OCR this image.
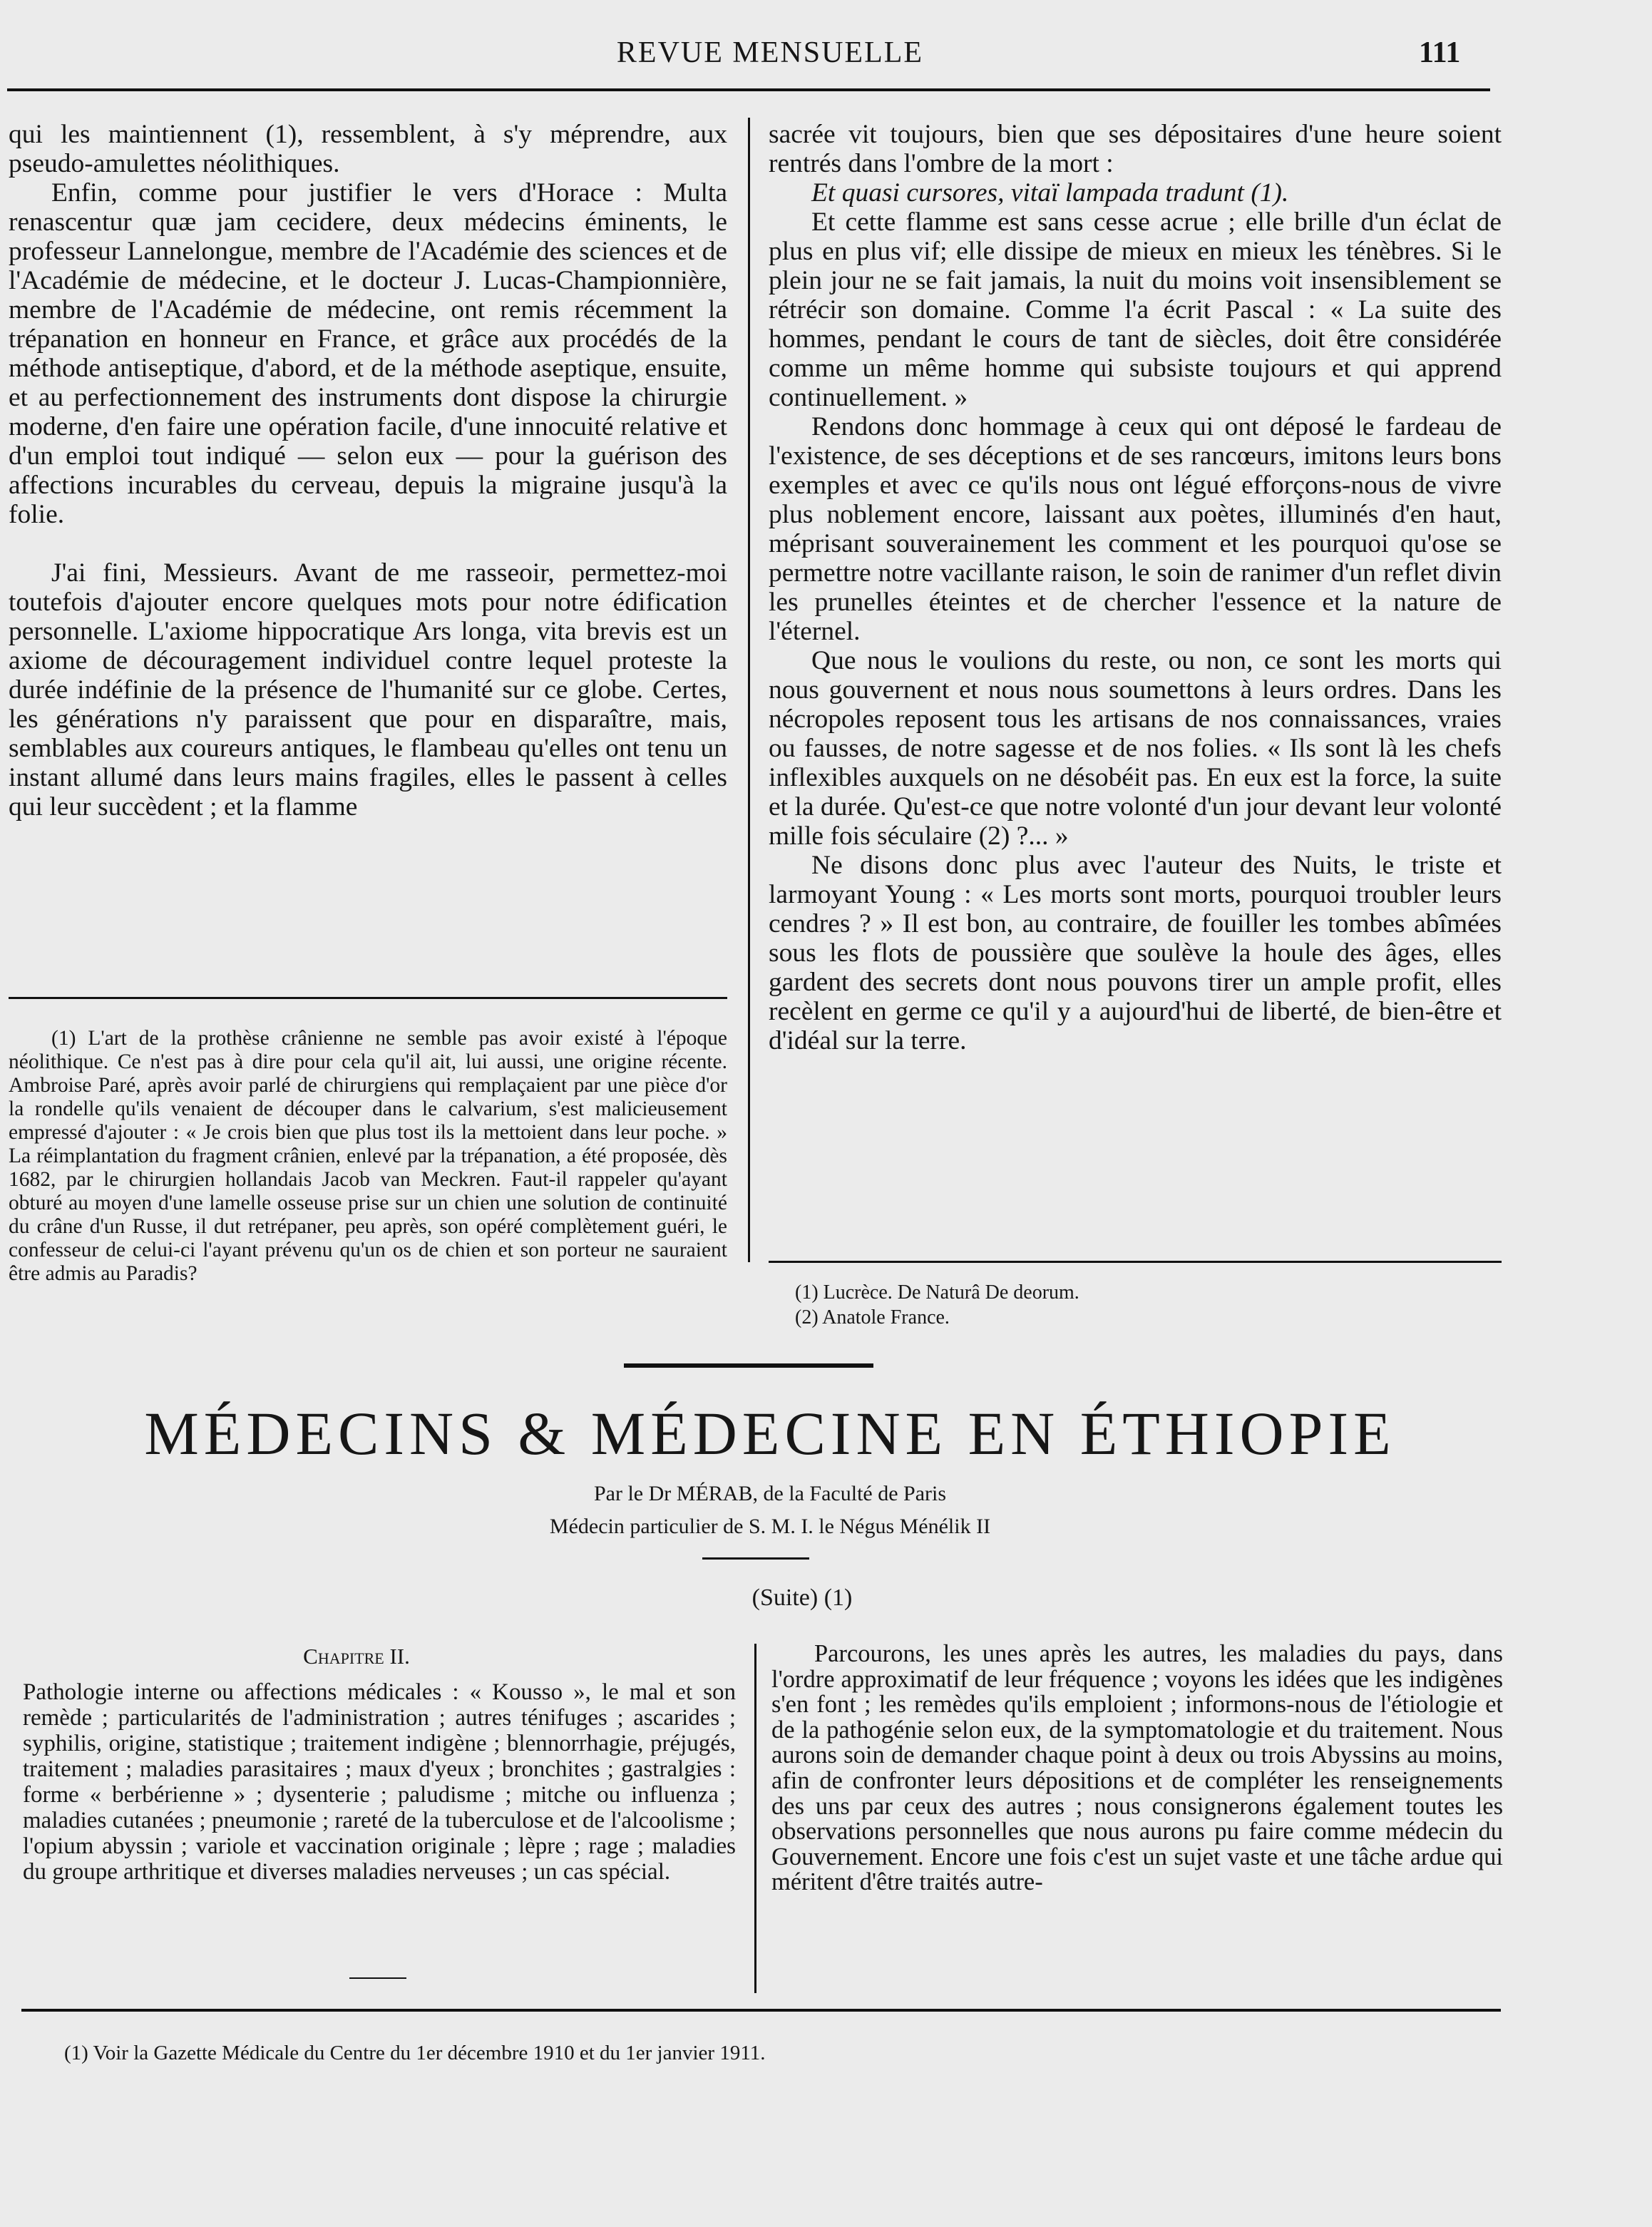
REVUE MENSUELLE	111

qui les maintiennent (1), ressemblent, à s'y méprendre, aux pseudo-amulettes néolithiques.

Enfin, comme pour justifier le vers d'Horace : Multa renascentur quæ jam cecidere, deux médecins éminents, le professeur Lannelongue, membre de l'Académie des sciences et de l'Académie de médecine, et le docteur J. Lucas-Championnière, membre de l'Académie de médecine, ont remis récemment la trépanation en honneur en France, et grâce aux procédés de la méthode antiseptique, d'abord, et de la méthode aseptique, ensuite, et au perfectionnement des instruments dont dispose la chirurgie moderne, d'en faire une opération facile, d'une innocuité relative et d'un emploi tout indiqué — selon eux — pour la guérison des affections incurables du cerveau, depuis la migraine jusqu'à la folie.

J'ai fini, Messieurs. Avant de me rasseoir, permettez-moi toutefois d'ajouter encore quelques mots pour notre édification personnelle. L'axiome hippocratique Ars longa, vita brevis est un axiome de découragement individuel contre lequel proteste la durée indéfinie de la présence de l'humanité sur ce globe. Certes, les générations n'y paraissent que pour en disparaître, mais, semblables aux coureurs antiques, le flambeau qu'elles ont tenu un instant allumé dans leurs mains fragiles, elles le passent à celles qui leur succèdent ; et la flamme

(1) L'art de la prothèse crânienne ne semble pas avoir existé à l'époque néolithique. Ce n'est pas à dire pour cela qu'il ait, lui aussi, une origine récente. Ambroise Paré, après avoir parlé de chirurgiens qui remplaçaient par une pièce d'or la rondelle qu'ils venaient de découper dans le calvarium, s'est malicieusement empressé d'ajouter : « Je crois bien que plus tost ils la mettoient dans leur poche. » La réimplantation du fragment crânien, enlevé par la trépanation, a été proposée, dès 1682, par le chirurgien hollandais Jacob van Meckren. Faut-il rappeler qu'ayant obturé au moyen d'une lamelle osseuse prise sur un chien une solution de continuité du crâne d'un Russe, il dut retrépaner, peu après, son opéré complètement guéri, le confesseur de celui-ci l'ayant prévenu qu'un os de chien et son porteur ne sauraient être admis au Paradis?

sacrée vit toujours, bien que ses dépositaires d'une heure soient rentrés dans l'ombre de la mort :

Et quasi cursores, vitaï lampada tradunt (1).

Et cette flamme est sans cesse acrue ; elle brille d'un éclat de plus en plus vif; elle dissipe de mieux en mieux les ténèbres. Si le plein jour ne se fait jamais, la nuit du moins voit insensiblement se rétrécir son domaine. Comme l'a écrit Pascal : « La suite des hommes, pendant le cours de tant de siècles, doit être considérée comme un même homme qui subsiste toujours et qui apprend continuellement. »

Rendons donc hommage à ceux qui ont déposé le fardeau de l'existence, de ses déceptions et de ses rancœurs, imitons leurs bons exemples et avec ce qu'ils nous ont légué efforçons-nous de vivre plus noblement encore, laissant aux poètes, illuminés d'en haut, méprisant souverainement les comment et les pourquoi qu'ose se permettre notre vacillante raison, le soin de ranimer d'un reflet divin les prunelles éteintes et de chercher l'essence et la nature de l'éternel.

Que nous le voulions du reste, ou non, ce sont les morts qui nous gouvernent et nous nous soumettons à leurs ordres. Dans les nécropoles reposent tous les artisans de nos connaissances, vraies ou fausses, de notre sagesse et de nos folies. « Ils sont là les chefs inflexibles auxquels on ne désobéit pas. En eux est la force, la suite et la durée. Qu'est-ce que notre volonté d'un jour devant leur volonté mille fois séculaire (2) ?... »

Ne disons donc plus avec l'auteur des Nuits, le triste et larmoyant Young : « Les morts sont morts, pourquoi troubler leurs cendres ? » Il est bon, au contraire, de fouiller les tombes abîmées sous les flots de poussière que soulève la houle des âges, elles gardent des secrets dont nous pouvons tirer un ample profit, elles recèlent en germe ce qu'il y a aujourd'hui de liberté, de bien-être et d'idéal sur la terre.

(1) Lucrèce. De Naturâ De deorum.

(2) Anatole France.

MÉDECINS & MÉDECINE EN ÉTHIOPIE
Par le Dr MÉRAB, de la Faculté de Paris
Médecin particulier de S. M. I. le Négus Ménélik II
(Suite) (1)
Chapitre II.

Pathologie interne ou affections médicales : « Kousso », le mal et son remède ; particularités de l'administration ; autres ténifuges ; ascarides ; syphilis, origine, statistique ; traitement indigène ; blennorrhagie, préjugés, traitement ; maladies parasitaires ; maux d'yeux ; bronchites ; gastralgies : forme « berbérienne » ; dysenterie ; paludisme ; mitche ou influenza ; maladies cutanées ; pneumonie ; rareté de la tuberculose et de l'alcoolisme ; l'opium abyssin ; variole et vaccination originale ; lèpre ; rage ; maladies du groupe arthritique et diverses maladies nerveuses ; un cas spécial.

Parcourons, les unes après les autres, les maladies du pays, dans l'ordre approximatif de leur fréquence ; voyons les idées que les indigènes s'en font ; les remèdes qu'ils emploient ; informons-nous de l'étiologie et de la pathogénie selon eux, de la symptomatologie et du traitement. Nous aurons soin de demander chaque point à deux ou trois Abyssins au moins, afin de confronter leurs dépositions et de compléter les renseignements des uns par ceux des autres ; nous consignerons également toutes les observations personnelles que nous aurons pu faire comme médecin du Gouvernement. Encore une fois c'est un sujet vaste et une tâche ardue qui méritent d'être traités autre-

(1) Voir la Gazette Médicale du Centre du 1er décembre 1910 et du 1er janvier 1911.
